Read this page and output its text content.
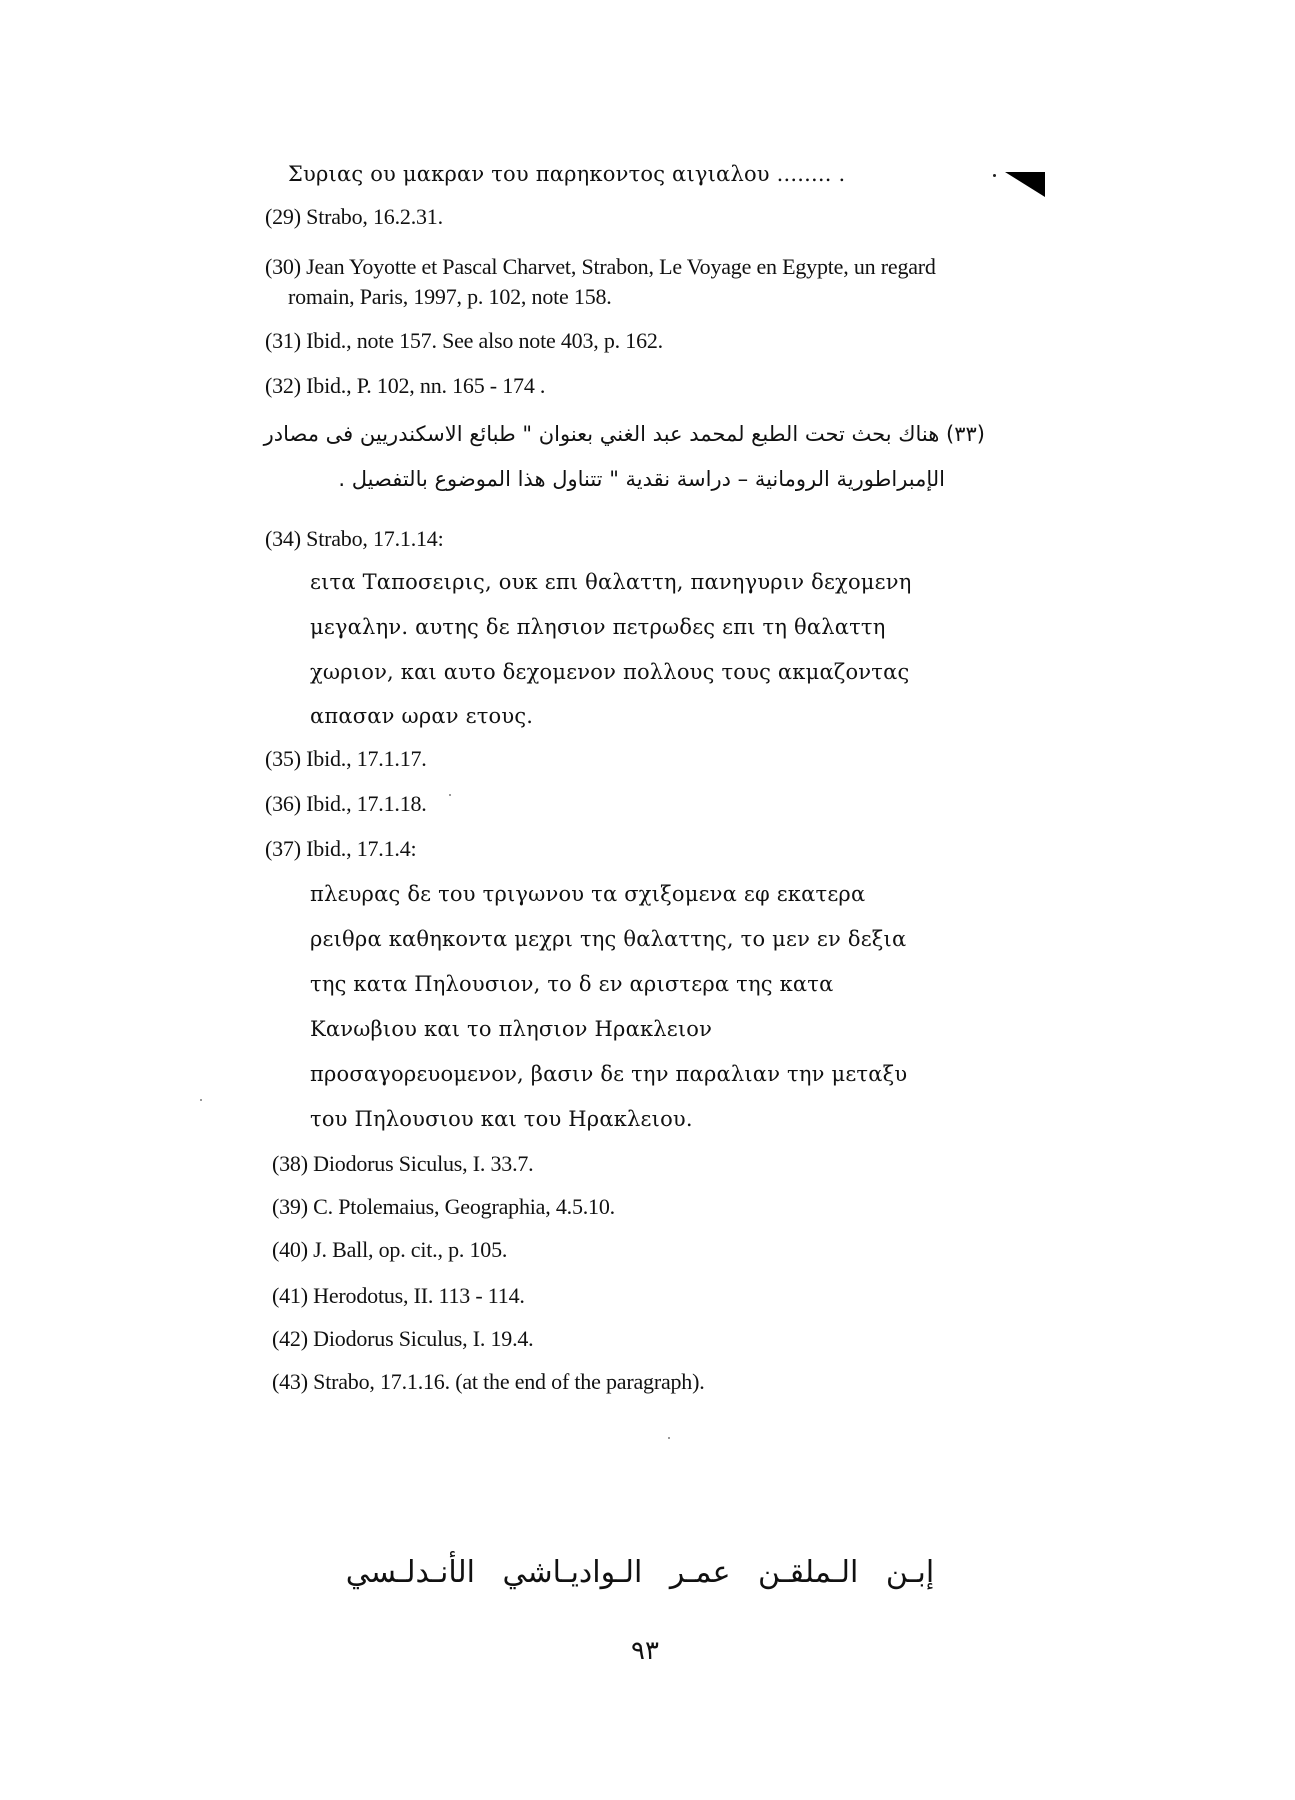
Συριας ου μακραν του παρηκοντος αιγιαλου ........ .
(29) Strabo, 16.2.31.
(30) Jean Yoyotte et Pascal Charvet, Strabon, Le Voyage en Egypte, un regard
romain, Paris, 1997, p. 102, note 158.
(31) Ibid., note 157. See also note 403, p. 162.
(32) Ibid., P. 102, nn. 165 - 174 .
(٣٣) هناك بحث تحت الطبع لمحمد عبد الغني بعنوان " طبائع الاسكندريين فى مصادر
الإمبراطورية الرومانية – دراسة نقدية " تتناول هذا الموضوع بالتفصيل .
(34) Strabo, 17.1.14:
ειτα Ταποσειρις, ουκ επι θαλαττη, πανηγυριν δεχομενη
μεγαλην. αυτης δε πλησιον πετρωδες επι τη θαλαττη
χωριον, και αυτο δεχομενον πολλους τους ακμαζοντας
απασαν ωραν ετους.
(35) Ibid., 17.1.17.
(36) Ibid., 17.1.18.
(37) Ibid., 17.1.4:
πλευρας δε του τριγωνου τα σχιξομενα εφ εκατερα
ρειθρα καθηκοντα μεχρι της θαλαττης, το μεν εν δεξια
της κατα Πηλουσιον, το δ εν αριστερα της κατα
Κανωβιου και το πλησιον Ηρακλειον
προσαγορευομενον, βασιν δε την παραλιαν την μεταξυ
του Πηλουσιου και του Ηρακλειου.
(38) Diodorus Siculus, I. 33.7.
(39) C. Ptolemaius, Geographia, 4.5.10.
(40) J. Ball, op. cit., p. 105.
(41) Herodotus, II. 113 - 114.
(42) Diodorus Siculus, I. 19.4.
(43) Strabo, 17.1.16. (at the end of the paragraph).
إبـن الـملقـن عمـر الـواديـاشي الأنـدلـسي
٩٣
